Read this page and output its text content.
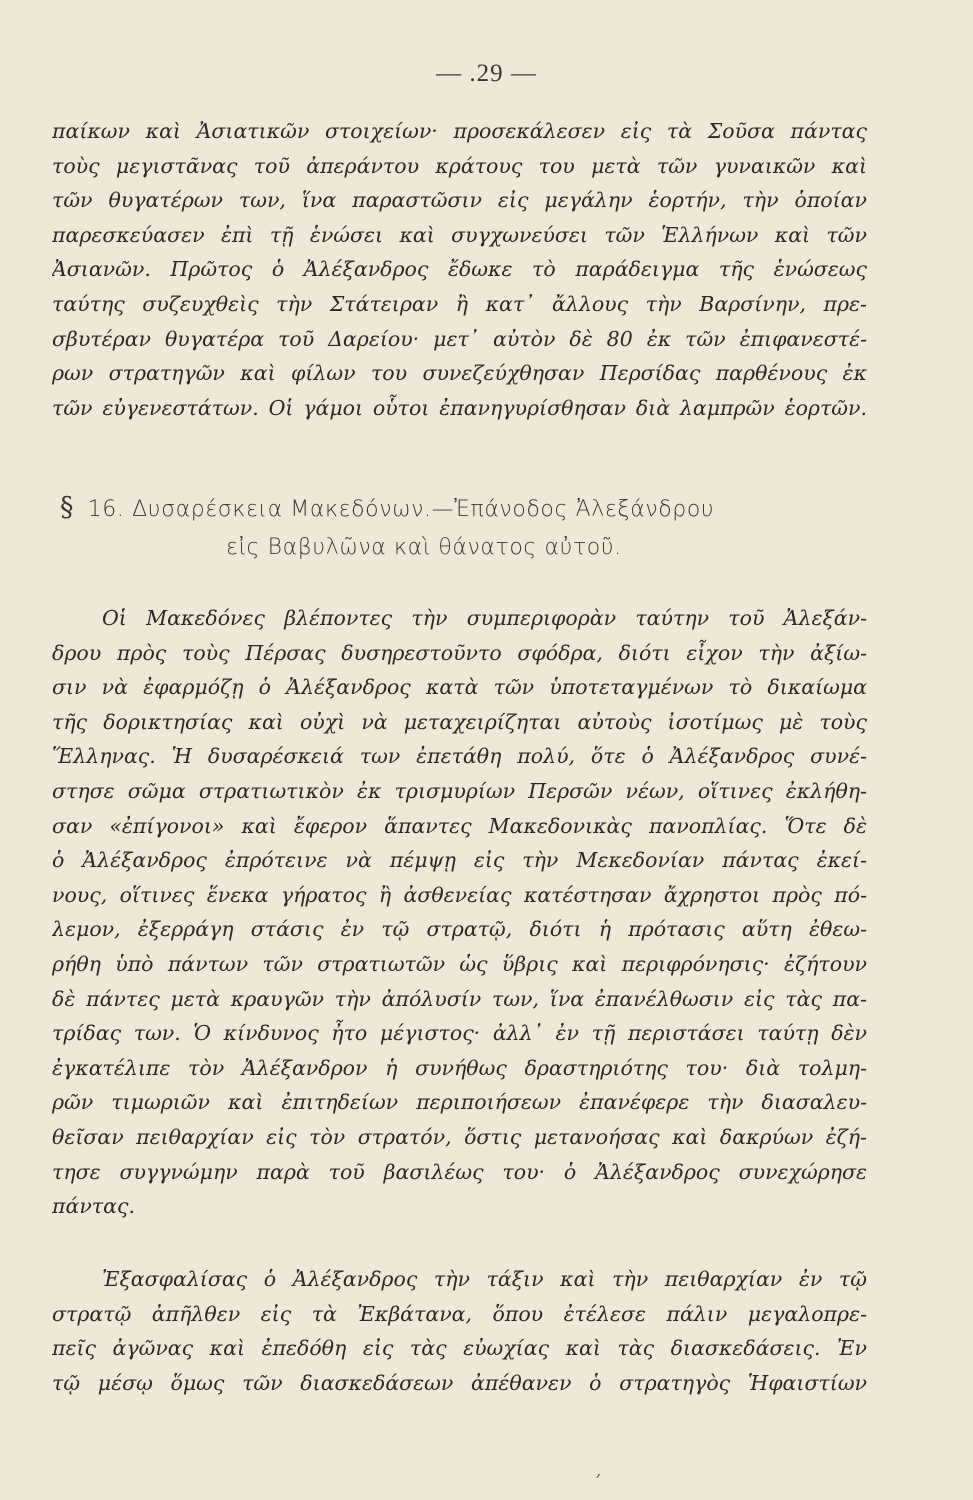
— .29 —
παίκων καὶ Ἀσιατικῶν στοιχείων· προσεκάλεσεν εἰς τὰ Σοῦσα πάντας
τοὺς μεγιστᾶνας τοῦ ἀπεράντου κράτους του μετὰ τῶν γυναικῶν καὶ
τῶν θυγατέρων των, ἵνα παραστῶσιν εἰς μεγάλην ἑορτήν, τὴν ὁποίαν
παρεσκεύασεν ἐπὶ τῇ ἑνώσει καὶ συγχωνεύσει τῶν Ἑλλήνων καὶ τῶν
Ἀσιανῶν. Πρῶτος ὁ Ἀλέξανδρος ἔδωκε τὸ παράδειγμα τῆς ἑνώσεως
ταύτης συζευχθεὶς τὴν Στάτειραν ἢ κατ᾽ ἄλλους τὴν Βαρσίνην, πρε-
σβυτέραν θυγατέρα τοῦ Δαρείου· μετ᾽ αὐτὸν δὲ 80 ἐκ τῶν ἐπιφανεστέ-
ρων στρατηγῶν καὶ φίλων του συνεζεύχθησαν Περσίδας παρθένους ἐκ
τῶν εὐγενεστάτων. Οἱ γάμοι οὗτοι ἐπανηγυρίσθησαν διὰ λαμπρῶν ἑορτῶν.
§ 16. Δυσαρέσκεια Μακεδόνων.—Ἐπάνοδος Ἀλεξάνδρου
εἰς Βαβυλῶνα καὶ θάνατος αὐτοῦ.
Οἱ Μακεδόνες βλέποντες τὴν συμπεριφορὰν ταύτην τοῦ Ἀλεξάν-
δρου πρὸς τοὺς Πέρσας δυσηρεστοῦντο σφόδρα, διότι εἶχον τὴν ἀξίω-
σιν νὰ ἐφαρμόζῃ ὁ Ἀλέξανδρος κατὰ τῶν ὑποτεταγμένων τὸ δικαίωμα
τῆς δορικτησίας καὶ οὐχὶ νὰ μεταχειρίζηται αὐτοὺς ἰσοτίμως μὲ τοὺς
Ἕλληνας. Ἡ δυσαρέσκειά των ἐπετάθη πολύ, ὅτε ὁ Ἀλέξανδρος συνέ-
στησε σῶμα στρατιωτικὸν ἐκ τρισμυρίων Περσῶν νέων, οἵτινες ἐκλήθη-
σαν «ἐπίγονοι» καὶ ἔφερον ἅπαντες Μακεδονικὰς πανοπλίας. Ὅτε δὲ
ὁ Ἀλέξανδρος ἐπρότεινε νὰ πέμψῃ εἰς τὴν Μεκεδονίαν πάντας ἐκεί-
νους, οἵτινες ἕνεκα γήρατος ἢ ἀσθενείας κατέστησαν ἄχρηστοι πρὸς πό-
λεμον, ἐξερράγη στάσις ἐν τῷ στρατῷ, διότι ἡ πρότασις αὕτη ἐθεω-
ρήθη ὑπὸ πάντων τῶν στρατιωτῶν ὡς ὕβρις καὶ περιφρόνησις· ἐζήτουν
δὲ πάντες μετὰ κραυγῶν τὴν ἀπόλυσίν των, ἵνα ἐπανέλθωσιν εἰς τὰς πα-
τρίδας των. Ὁ κίνδυνος ἦτο μέγιστος· ἀλλ᾽ ἐν τῇ περιστάσει ταύτῃ δὲν
ἐγκατέλιπε τὸν Ἀλέξανδρον ἡ συνήθως δραστηριότης του· διὰ τολμη-
ρῶν τιμωριῶν καὶ ἐπιτηδείων περιποιήσεων ἐπανέφερε τὴν διασαλευ-
θεῖσαν πειθαρχίαν εἰς τὸν στρατόν, ὅστις μετανοήσας καὶ δακρύων ἐζή-
τησε συγγνώμην παρὰ τοῦ βασιλέως του· ὁ Ἀλέξανδρος συνεχώρησε
πάντας.
Ἐξασφαλίσας ὁ Ἀλέξανδρος τὴν τάξιν καὶ τὴν πειθαρχίαν ἐν τῷ
στρατῷ ἀπῆλθεν εἰς τὰ Ἐκβάτανα, ὅπου ἐτέλεσε πάλιν μεγαλοπρε-
πεῖς ἀγῶνας καὶ ἐπεδόθη εἰς τὰς εὐωχίας καὶ τὰς διασκεδάσεις. Ἐν
τῷ μέσῳ ὅμως τῶν διασκεδάσεων ἀπέθανεν ὁ στρατηγὸς Ἡφαιστίων
,
